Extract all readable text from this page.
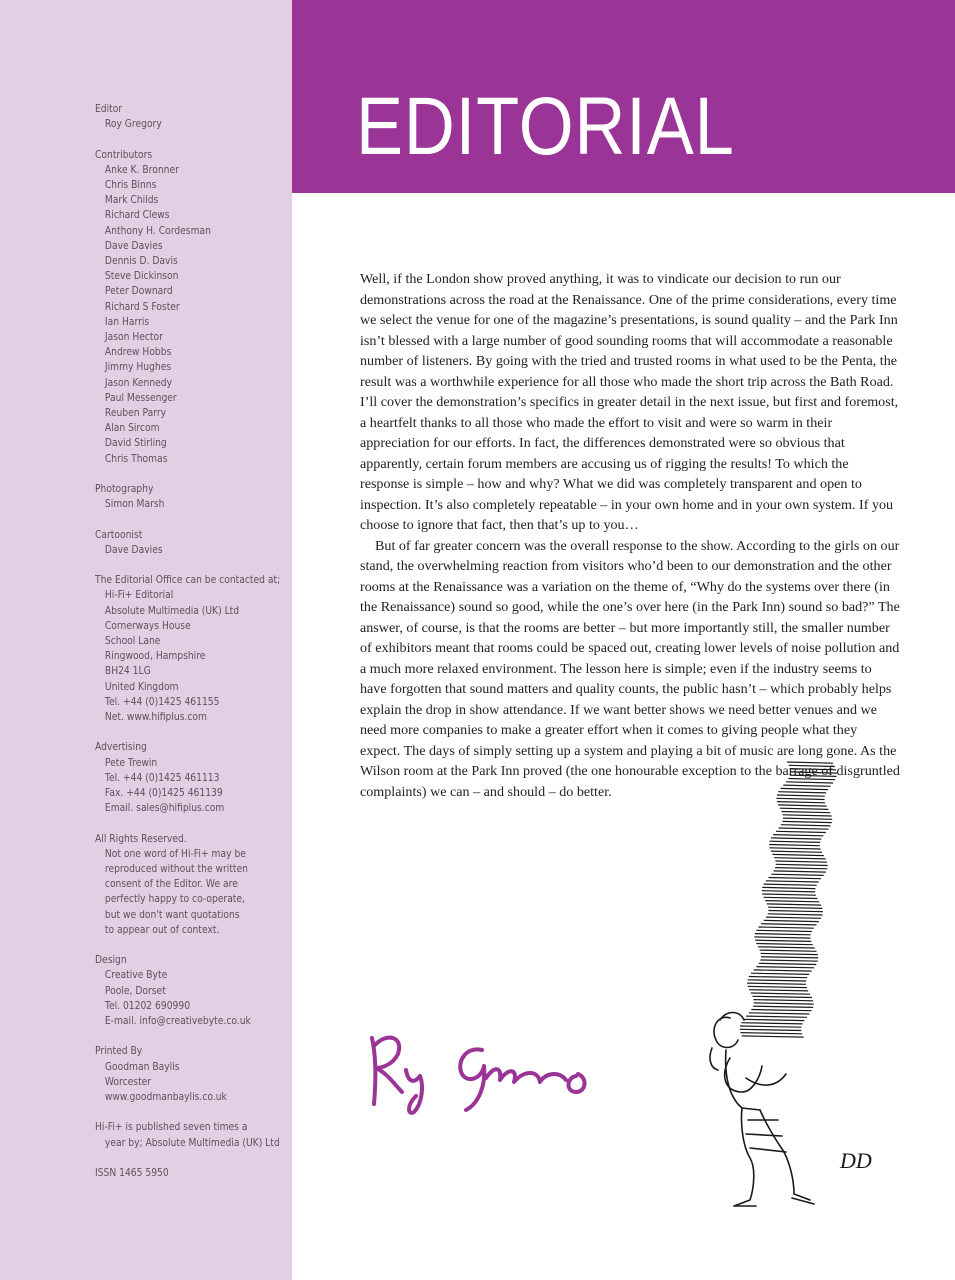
EDITORIAL
Editor
Roy Gregory
Contributors
Anke K. Bronner
Chris Binns
Mark Childs
Richard Clews
Anthony H. Cordesman
Dave Davies
Dennis D. Davis
Steve Dickinson
Peter Downard
Richard S Foster
Ian Harris
Jason Hector
Andrew Hobbs
Jimmy Hughes
Jason Kennedy
Paul Messenger
Reuben Parry
Alan Sircom
David Stirling
Chris Thomas
Photography
Simon Marsh
Cartoonist
Dave Davies
The Editorial Office can be contacted at;
Hi-Fi+ Editorial
Absolute Multimedia (UK) Ltd
Cornerways House
School Lane
Ringwood, Hampshire
BH24 1LG
United Kingdom
Tel. +44 (0)1425 461155
Net. www.hifiplus.com
Advertising
Pete Trewin
Tel. +44 (0)1425 461113
Fax. +44 (0)1425 461139
Email. sales@hifiplus.com
All Rights Reserved.
Not one word of Hi-Fi+ may be
reproduced without the written
consent of the Editor. We are
perfectly happy to co-operate,
but we don't want quotations
to appear out of context.
Design
Creative Byte
Poole, Dorset
Tel. 01202 690990
E-mail. info@creativebyte.co.uk
Printed By
Goodman Baylis
Worcester
www.goodmanbaylis.co.uk
Hi-Fi+ is published seven times a
year by; Absolute Multimedia (UK) Ltd
ISSN 1465 5950

Well, if the London show proved anything, it was to vindicate our decision to run our demonstrations across the road at the Renaissance. One of the prime considerations, every time we select the venue for one of the magazine’s presentations, is sound quality – and the Park Inn isn’t blessed with a large number of good sounding rooms that will accommodate a reasonable number of listeners. By going with the tried and trusted rooms in what used to be the Penta, the result was a worthwhile experience for all those who made the short trip across the Bath Road. I’ll cover the demonstration’s specifics in greater detail in the next issue, but first and foremost, a heartfelt thanks to all those who made the effort to visit and were so warm in their appreciation for our efforts. In fact, the differences demonstrated were so obvious that apparently, certain forum members are accusing us of rigging the results! To which the response is simple – how and why? What we did was completely transparent and open to inspection. It’s also completely repeatable – in your own home and in your own system. If you choose to ignore that fact, then that’s up to you…

But of far greater concern was the overall response to the show. According to the girls on our stand, the overwhelming reaction from visitors who’d been to our demonstration and the other rooms at the Renaissance was a variation on the theme of, “Why do the systems over there (in the Renaissance) sound so good, while the one’s over here (in the Park Inn) sound so bad?” The answer, of course, is that the rooms are better – but more importantly still, the smaller number of exhibitors meant that rooms could be spaced out, creating lower levels of noise pollution and a much more relaxed environment. The lesson here is simple; even if the industry seems to have forgotten that sound matters and quality counts, the public hasn’t – which probably helps explain the drop in show attendance. If we want better shows we need better venues and we need more companies to make a greater effort when it comes to giving people what they expect. The days of simply setting up a system and playing a bit of music are long gone. As the Wilson room at the Park Inn proved (the one honourable exception to the barrage of disgruntled complaints) we can – and should – do better.

DD
